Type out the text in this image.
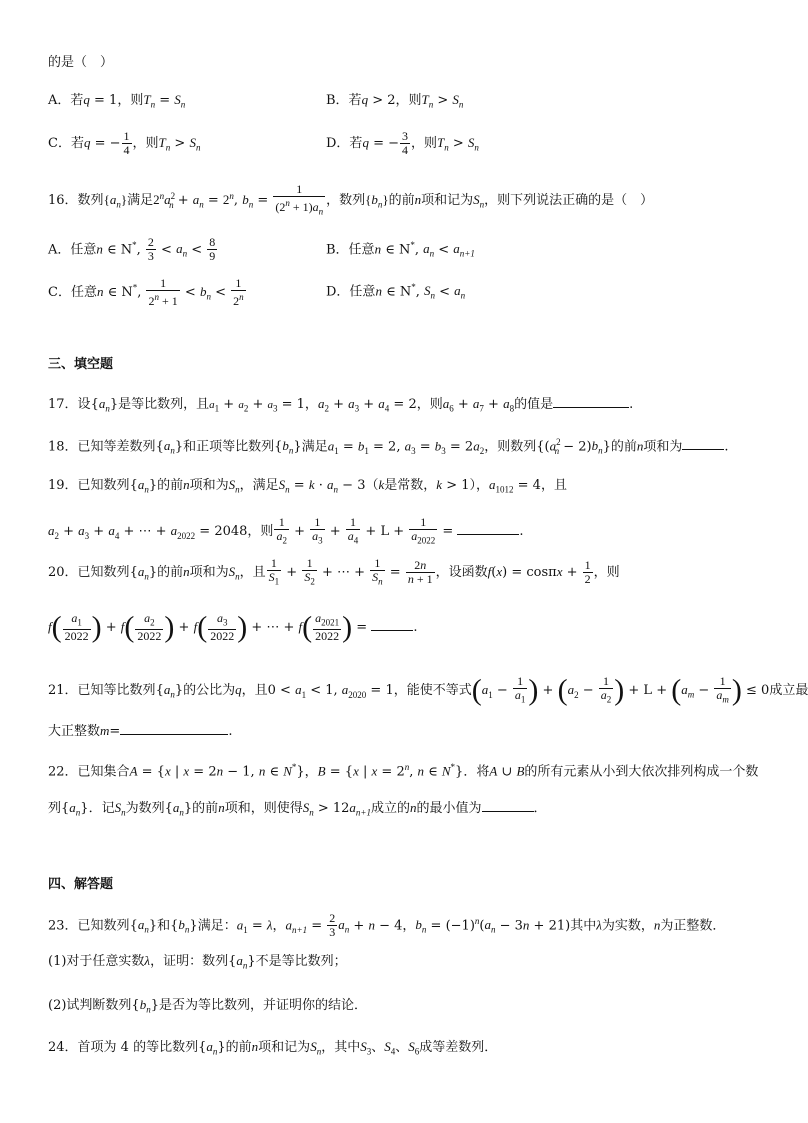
的是（　）
A．若q = 1，则$T_n = S_n$	B．若q > 2，则$T_n > S_n$
C．若q = − $\frac{1}{4}$ ，则$T_n > S_n$	D．若q = − $\frac{3}{4}$ ，则$T_n > S_n$
16．数列$\{a_n\}$满足$2^na^2_n + a_n = 2^n$, $b_n = \frac{1}{(2^n + 1)a_n}$ ，数列$\{b_n\}$的前n项和记为$S_n$，则下列说法正确的是（　）
A．任意n ∈ N*, $\frac{2}{3} < a_n < \frac{8}{9}$	B．任意n ∈ N*, $a_n < a_{n+1}$
C．任意n ∈ N*, $\frac{1}{2^n + 1} < b_n < \frac{1}{2^n}$	D．任意n ∈ N*, $S_n < a_n$
三、填空题
17．设$\{a_n\}$是等比数列，且$a_1 + a_2 + a_3 = 1$，$a_2 + a_3 + a_4 = 2$，则$a_6 + a_7 + a_8$的值是	.
18．已知等差数列$\{a_n\}$和正项等比数列$\{b_n\}$满足$a_1 = b_1 = 2$, $a_3 = b_3 = 2a_2$，则数列$\{(a^2_n - 2)b_n\}$的前n项和为	.
19．已知数列$\{a_n\}$的前n项和为$S_n$，满足$S_n = k \cdot a_n - 3(k$是常数，k > 1），$a_{1012} = 4$，且
$a_2 + a_3 + a_4$ + ⋯ + $a_{2022} = 2048$，则 $\frac{1}{a_2} + \frac{1}{a_3} + \frac{1}{a_4} + L + \frac{1}{a_{2022}}$ =	.
20．已知数列$\{a_n\}$的前n项和为$S_n$，且 $\frac{1}{S_1} + \frac{1}{S_2}$ + ⋯ + $\frac{1}{S_n} = \frac{2n}{n + 1}$ ，设函数$f(x) = \cos\pi x + \frac{1}{2}$ ，则
$f( \frac{a_1}{2022}$ ) + $f( \frac{a_2}{2022}$ ) + $f( \frac{a_3}{2022}$ ) + ⋯ + $f( \frac{a_{2021}}{2022}$ ) =	.
21．已知等比数列$\{a_n\}$的公比为q，且$0 < a_1 < 1$, $a_{2020} = 1$，能使不等式($a_1 - \frac{1}{a_1}$ ) + ($a_2 - \frac{1}{a_2}$ ) + $L + (a_m - \frac{1}{a_m}$ ) ≤ 0成立最
大正整数m=	.
22．已知集合A = {x | x = 2n − 1, n ∈ N*}，B = {x | $x = 2^n$, n ∈ N*}．将A ∪ B的所有元素从小到大依次排列构成一个数
列$\{a_n\}$．记$S_n$为数列$\{a_n\}$的前n项和，则使得$S_n > 12a_{n+1}$成立的n的最小值为	．
四、解答题
23．已知数列$\{a_n\}$和$\{b_n\}$满足：$a_1 = \lambda$，$a_{n+1} = \frac{2}{3} a_n + n - 4$，$b_n = (-1)^n(a_n - 3n + 21)$其中λ为实数，n为正整数．
(1)对于任意实数λ，证明：数列$\{a_n\}$不是等比数列；
(2)试判断数列$\{b_n\}$是否为等比数列，并证明你的结论．
24．首项为 4 的等比数列$\{a_n\}$的前n项和记为$S_n$，其中$S_3$、$S_4$、$S_6$成等差数列．
